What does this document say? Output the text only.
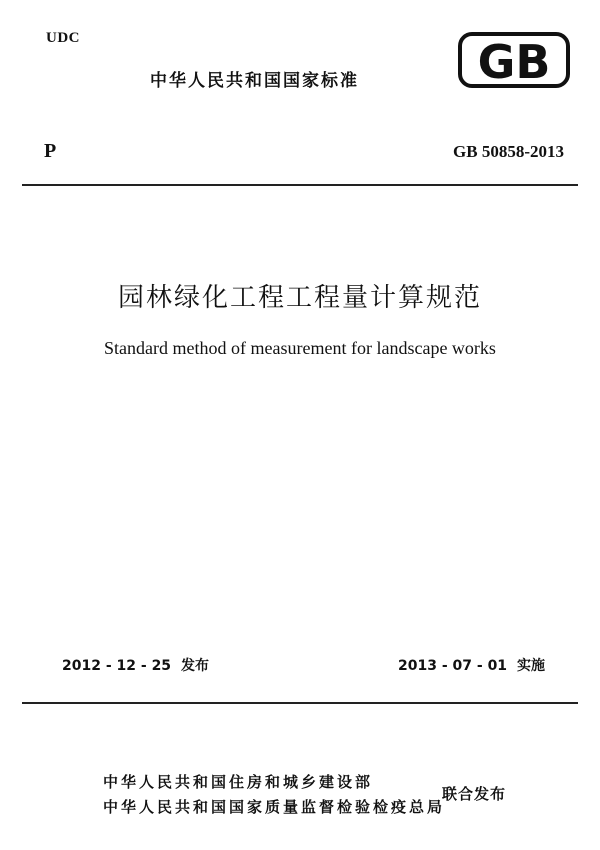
UDC
中华人民共和国国家标准	GB
P	GB 50858-2013
园林绿化工程工程量计算规范
Standard method of measurement for landscape works
2012 - 12 - 25 发布	2013 - 07 - 01 实施
中华人民共和国住房和城乡建设部
中华人民共和国国家质量监督检验检疫总局
联合发布
